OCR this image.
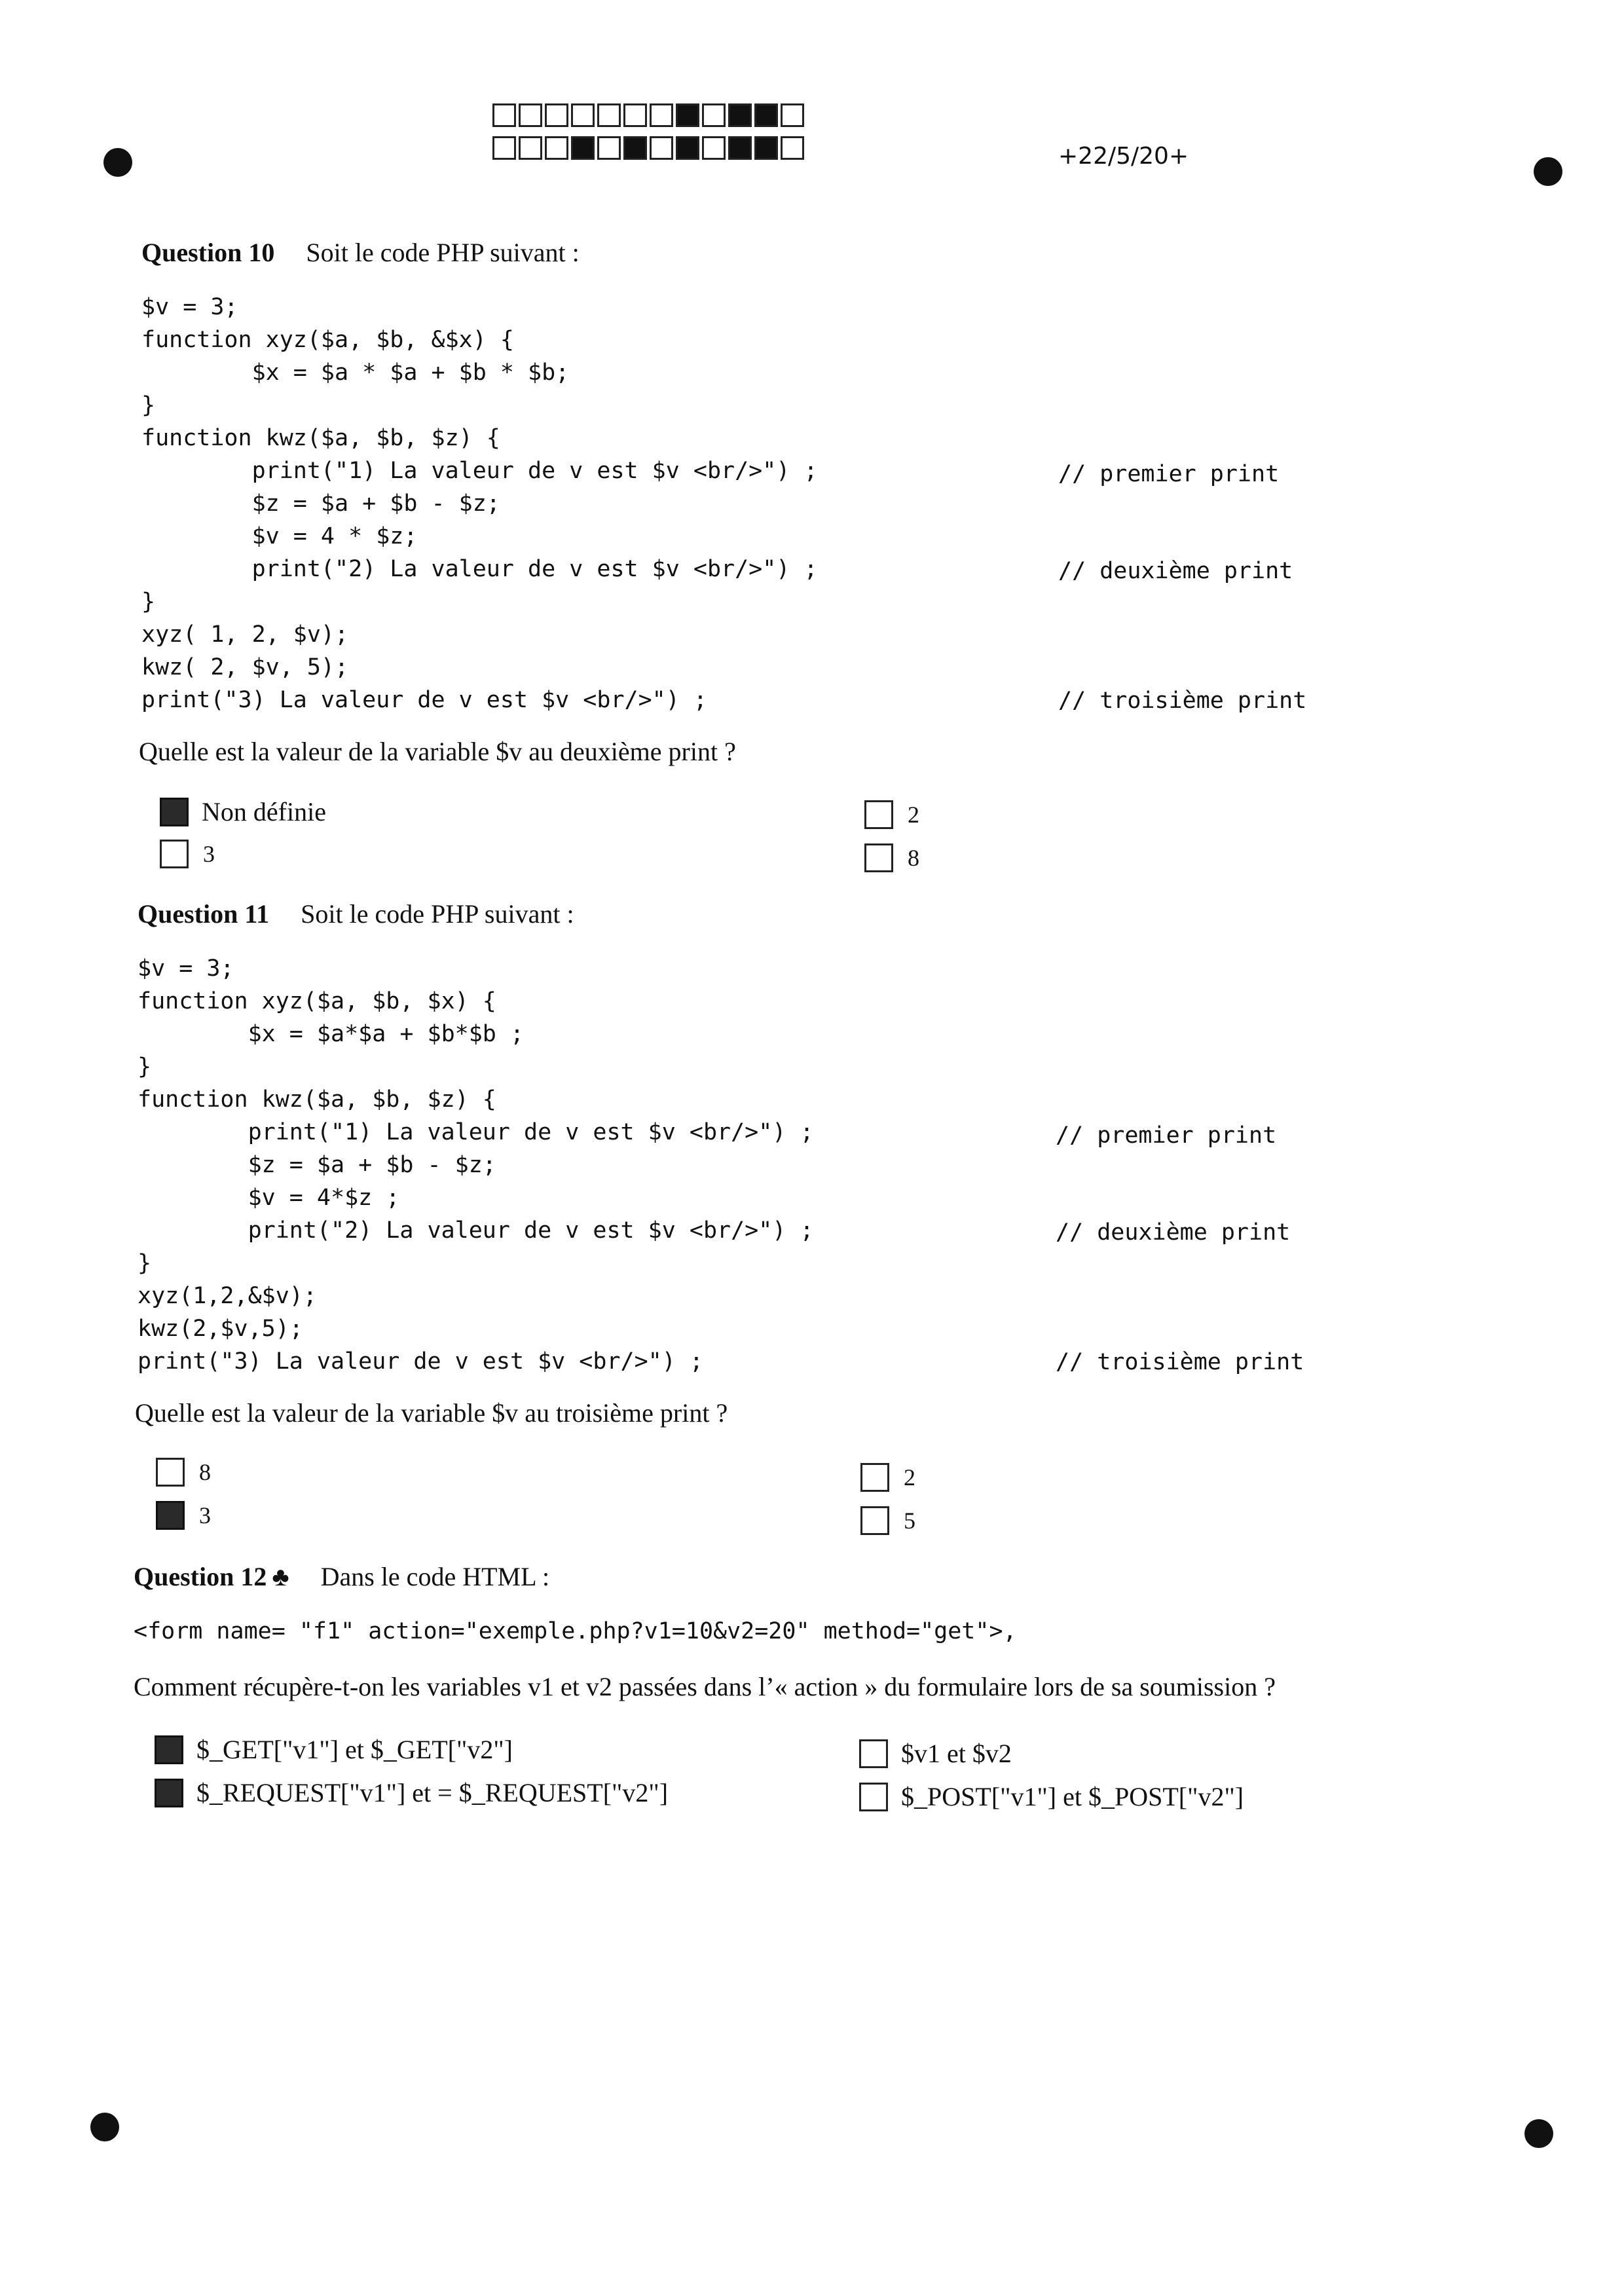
+22/5/20+
Question 10 Soit le code PHP suivant :
$v = 3;
function xyz($a, $b, &$x) {
$x = $a * $a + $b * $b;
}
function kwz($a, $b, $z) {
print("1) La valeur de v est $v <br/>") ;
$z = $a + $b - $z;
$v = 4 * $z;
print("2) La valeur de v est $v <br/>") ;
}
xyz( 1, 2, $v);
kwz( 2, $v, 5);
print("3) La valeur de v est $v <br/>") ;
// premier print
// deuxième print
// troisième print
Quelle est la valeur de la variable $v au deuxième print ?
Non définie
3
2
8
Question 11 Soit le code PHP suivant :
$v = 3;
function xyz($a, $b, $x) {
$x = $a*$a + $b*$b ;
}
function kwz($a, $b, $z) {
print("1) La valeur de v est $v <br/>") ;
$z = $a + $b - $z;
$v = 4*$z ;
print("2) La valeur de v est $v <br/>") ;
}
xyz(1,2,&$v);
kwz(2,$v,5);
print("3) La valeur de v est $v <br/>") ;
// premier print
// deuxième print
// troisième print
Quelle est la valeur de la variable $v au troisième print ?
8
3
2
5
Question 12 ♣ Dans le code HTML :
<form name= "f1" action="exemple.php?v1=10&v2=20" method="get">,
Comment récupère-t-on les variables v1 et v2 passées dans l’« action » du formulaire lors de sa soumission ?
$_GET["v1"] et $_GET["v2"]
$_REQUEST["v1"] et = $_REQUEST["v2"]
$v1 et $v2
$_POST["v1"] et $_POST["v2"]
